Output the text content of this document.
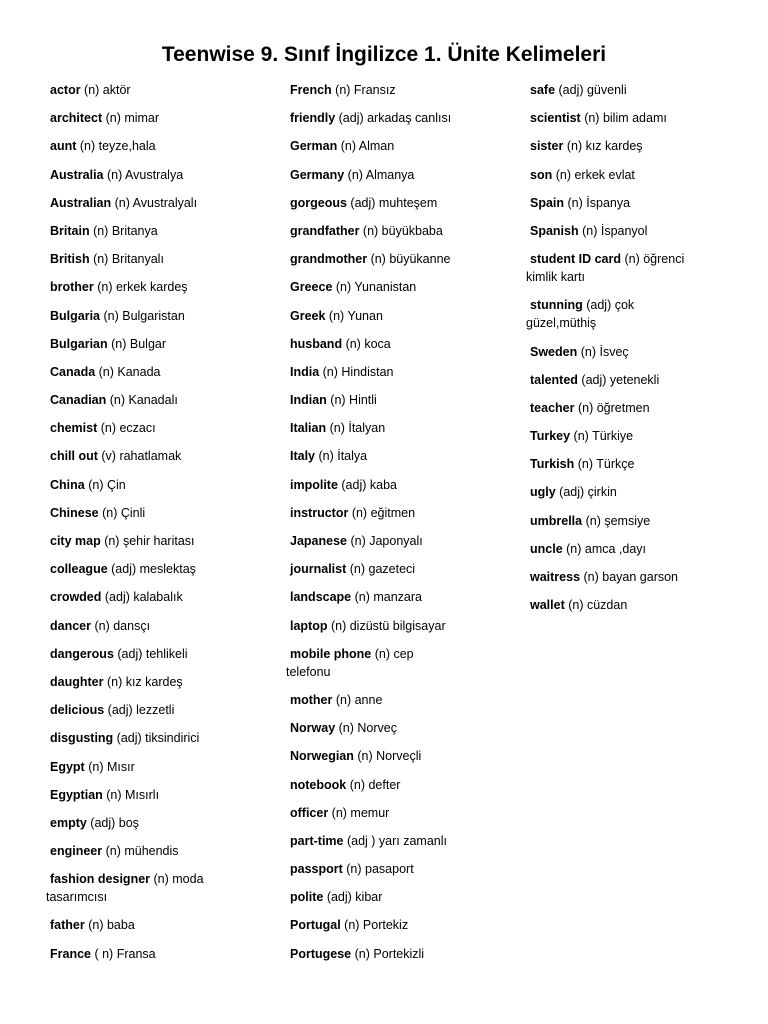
Teenwise 9. Sınıf İngilizce 1. Ünite Kelimeleri
actor (n) aktör
architect (n) mimar
aunt (n) teyze,hala
Australia (n) Avustralya
Australian (n) Avustralyalı
Britain (n) Britanya
British (n) Britanyalı
brother (n) erkek kardeş
Bulgaria (n) Bulgaristan
Bulgarian (n) Bulgar
Canada (n) Kanada
Canadian (n) Kanadalı
chemist (n) eczacı
chill out (v) rahatlamak
China (n) Çin
Chinese (n) Çinli
city map (n) şehir haritası
colleague (adj) meslektaş
crowded (adj) kalabalık
dancer (n) dansçı
dangerous (adj) tehlikeli
daughter (n) kız kardeş
delicious (adj) lezzetli
disgusting (adj) tiksindirici
Egypt (n) Mısır
Egyptian (n) Mısırlı
empty (adj) boş
engineer (n) mühendis
fashion designer (n) moda
tasarımcısı
father (n) baba
France ( n) Fransa
French (n) Fransız
friendly (adj) arkadaş canlısı
German (n) Alman
Germany (n) Almanya
gorgeous (adj) muhteşem
grandfather (n) büyükbaba
grandmother (n) büyükanne
Greece (n) Yunanistan
Greek (n) Yunan
husband (n) koca
India (n) Hindistan
Indian (n) Hintli
Italian (n) İtalyan
Italy (n) İtalya
impolite (adj) kaba
instructor (n) eğitmen
Japanese (n) Japonyalı
journalist (n) gazeteci
landscape (n) manzara
laptop (n) dizüstü bilgisayar
mobile phone (n) cep
telefonu
mother (n) anne
Norway (n) Norveç
Norwegian (n) Norveçli
notebook (n) defter
officer (n) memur
part-time (adj ) yarı zamanlı
passport (n) pasaport
polite (adj) kibar
Portugal (n) Portekiz
Portugese (n) Portekizli
safe (adj) güvenli
scientist (n) bilim adamı
sister (n) kız kardeş
son (n) erkek evlat
Spain (n) İspanya
Spanish (n) İspanyol
student ID card (n) öğrenci
kimlik kartı
stunning (adj) çok
güzel,müthiş
Sweden (n) İsveç
talented (adj) yetenekli
teacher (n) öğretmen
Turkey (n) Türkiye
Turkish (n) Türkçe
ugly (adj) çirkin
umbrella (n) şemsiye
uncle (n) amca ,dayı
waitress (n) bayan garson
wallet (n) cüzdan
